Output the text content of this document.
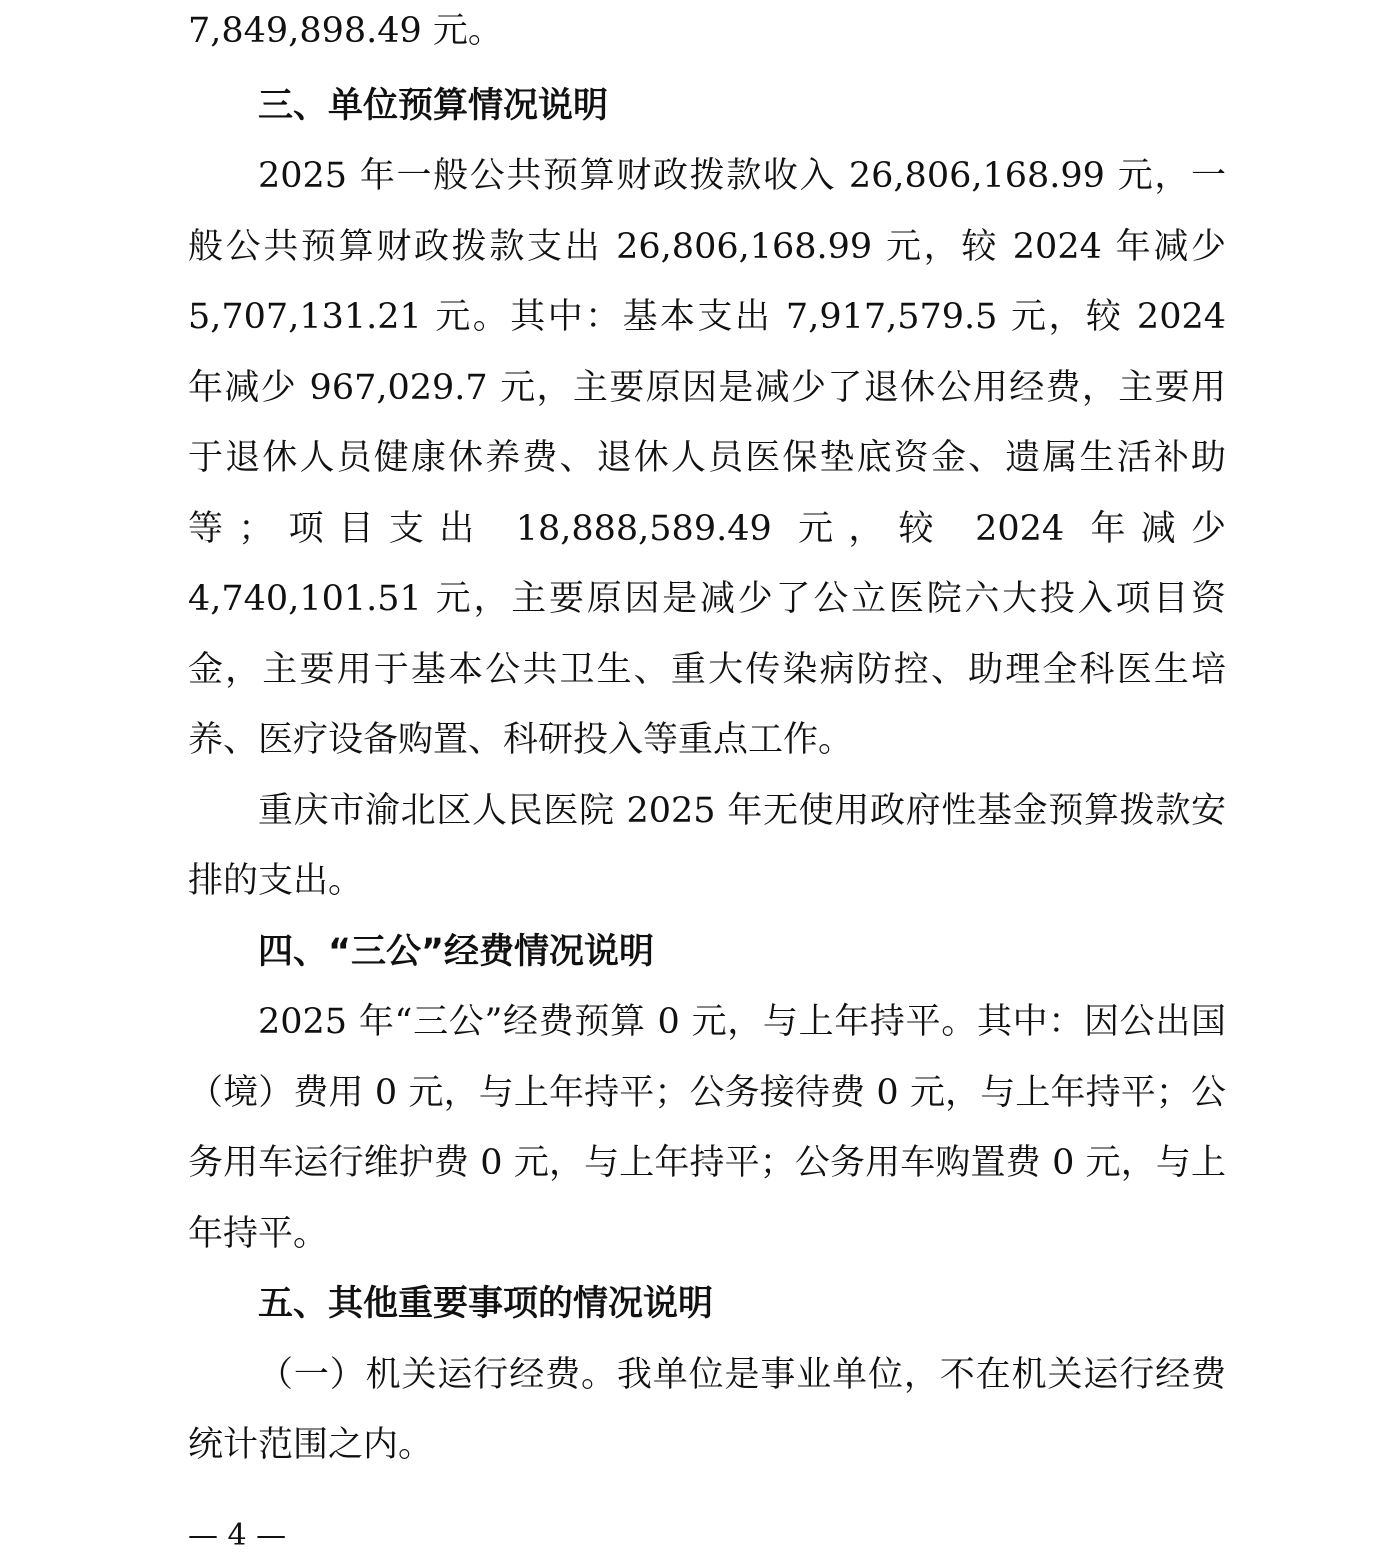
7,849,898.49 元。

三、单位预算情况说明

2025 年一般公共预算财政拨款收入 26,806,168.99 元，一般公共预算财政拨款支出 26,806,168.99 元，较 2024 年减少 5,707,131.21 元。其中：基本支出 7,917,579.5 元，较 2024 年减少 967,029.7 元，主要原因是减少了退休公用经费，主要用于退休人员健康休养费、退休人员医保垫底资金、遗属生活补助等；项目支出 18,888,589.49 元，较 2024 年减少 4,740,101.51 元，主要原因是减少了公立医院六大投入项目资金，主要用于基本公共卫生、重大传染病防控、助理全科医生培养、医疗设备购置、科研投入等重点工作。

重庆市渝北区人民医院 2025 年无使用政府性基金预算拨款安排的支出。

四、“三公”经费情况说明

2025 年“三公”经费预算 0 元，与上年持平。其中：因公出国（境）费用 0 元，与上年持平；公务接待费 0 元，与上年持平；公务用车运行维护费 0 元，与上年持平；公务用车购置费 0 元，与上年持平。

五、其他重要事项的情况说明

（一）机关运行经费。我单位是事业单位，不在机关运行经费统计范围之内。

— 4 —
